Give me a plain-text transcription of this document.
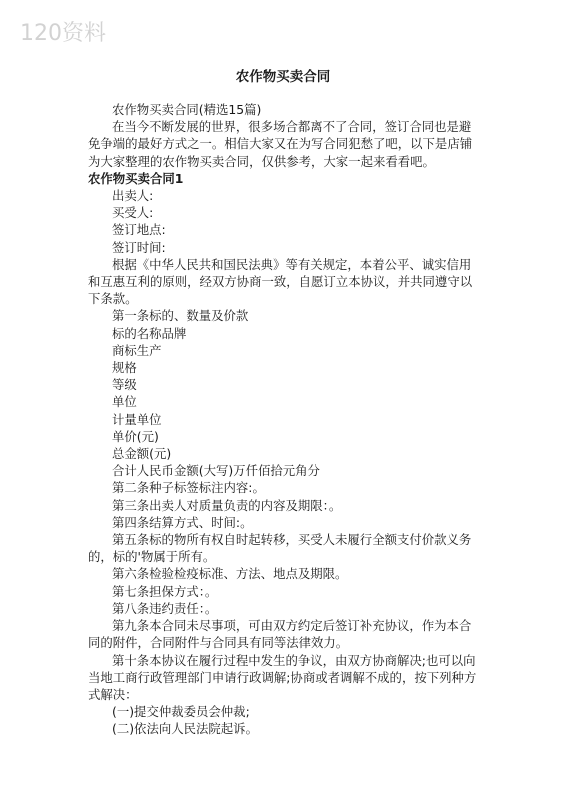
120资料
农作物买卖合同

农作物买卖合同(精选15篇)

在当今不断发展的世界，很多场合都离不了合同，签订合同也是避免争端的最好方式之一。相信大家又在为写合同犯愁了吧，以下是店铺为大家整理的农作物买卖合同，仅供参考，大家一起来看看吧。

农作物买卖合同1

出卖人:

买受人:

签订地点:

签订时间:

根据《中华人民共和国民法典》等有关规定，本着公平、诚实信用和互惠互利的原则，经双方协商一致，自愿订立本协议，并共同遵守以下条款。

第一条标的、数量及价款

标的名称品牌

商标生产

规格

等级

单位

计量单位

单价(元)

总金额(元)

合计人民币金额(大写)万仟佰拾元角分

第二条种子标签标注内容:。

第三条出卖人对质量负责的内容及期限：。

第四条结算方式、时间:。

第五条标的物所有权自时起转移，买受人未履行全额支付价款义务的，标的'物属于所有。

第六条检验检疫标准、方法、地点及期限。

第七条担保方式：。

第八条违约责任：。

第九条本合同未尽事项，可由双方约定后签订补充协议，作为本合同的附件，合同附件与合同具有同等法律效力。

第十条本协议在履行过程中发生的争议，由双方协商解决;也可以向当地工商行政管理部门申请行政调解;协商或者调解不成的，按下列种方式解决：

(一)提交仲裁委员会仲裁;

(二)依法向人民法院起诉。
